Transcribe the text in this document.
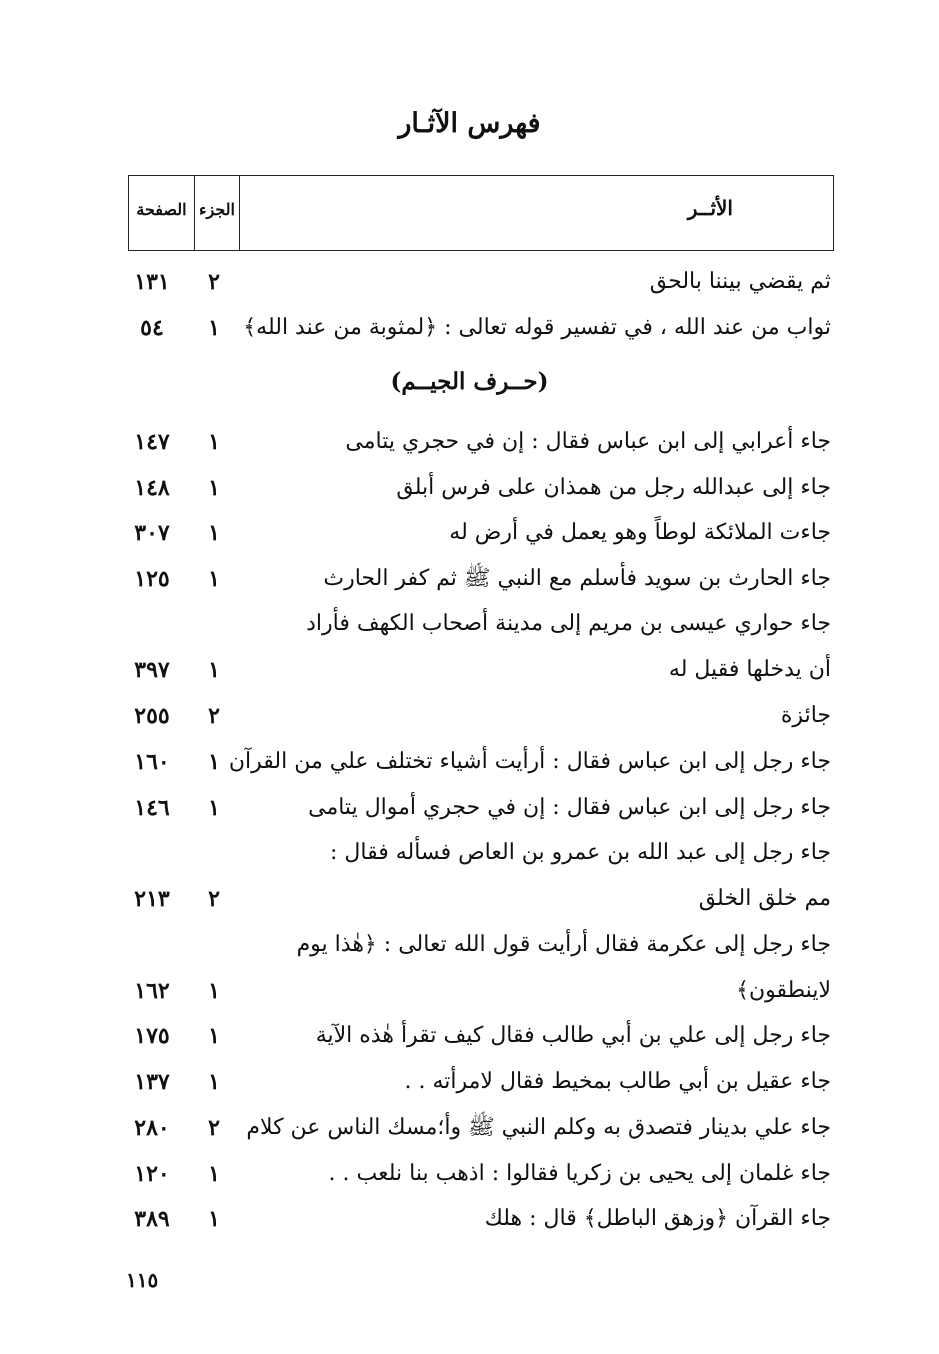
فهرس الآثـار
الصفحة الجزء	الأثــر
ثم يقضي بيننا بالحق
٢
١٣١
ثواب من عند الله ، في تفسير قوله تعالى : ﴿لمثوبة من عند الله﴾
١
٥٤
(حــرف الجيــم)
جاء أعرابي إلى ابن عباس فقال : إن في حجري يتامى
١
١٤٧
جاء إلى عبدالله رجل من همذان على فرس أبلق
١
١٤٨
جاءت الملائكة لوطاً وهو يعمل في أرض له
١
٣٠٧
جاء الحارث بن سويد فأسلم مع النبي ﷺ ثم كفر الحارث
١
١٢٥
جاء حواري عيسى بن مريم إلى مدينة أصحاب الكهف فأراد
أن يدخلها فقيل له
١
٣٩٧
جائزة
٢
٢٥٥
جاء رجل إلى ابن عباس فقال : أرأيت أشياء تختلف علي من القرآن
١
١٦٠
جاء رجل إلى ابن عباس فقال : إن في حجري أموال يتامى
١
١٤٦
جاء رجل إلى عبد الله بن عمرو بن العاص فسأله فقال :
مم خلق الخلق
٢
٢١٣
جاء رجل إلى عكرمة فقال أرأيت قول الله تعالى : ﴿هٰذا يوم
لاينطقون﴾
١
١٦٢
جاء رجل إلى علي بن أبي طالب فقال كيف تقرأ هٰذه الآية
١
١٧٥
جاء عقيل بن أبي طالب بمخيط فقال لامرأته . .
١
١٣٧
جاء علي بدينار فتصدق به وكلم النبي ﷺ وأ؛مسك الناس عن كلام
٢
٢٨٠
جاء غلمان إلى يحيى بن زكريا فقالوا : اذهب بنا نلعب . .
١
١٢٠
جاء القرآن ﴿وزهق الباطل﴾ قال : هلك
١
٣٨٩
١١٥
